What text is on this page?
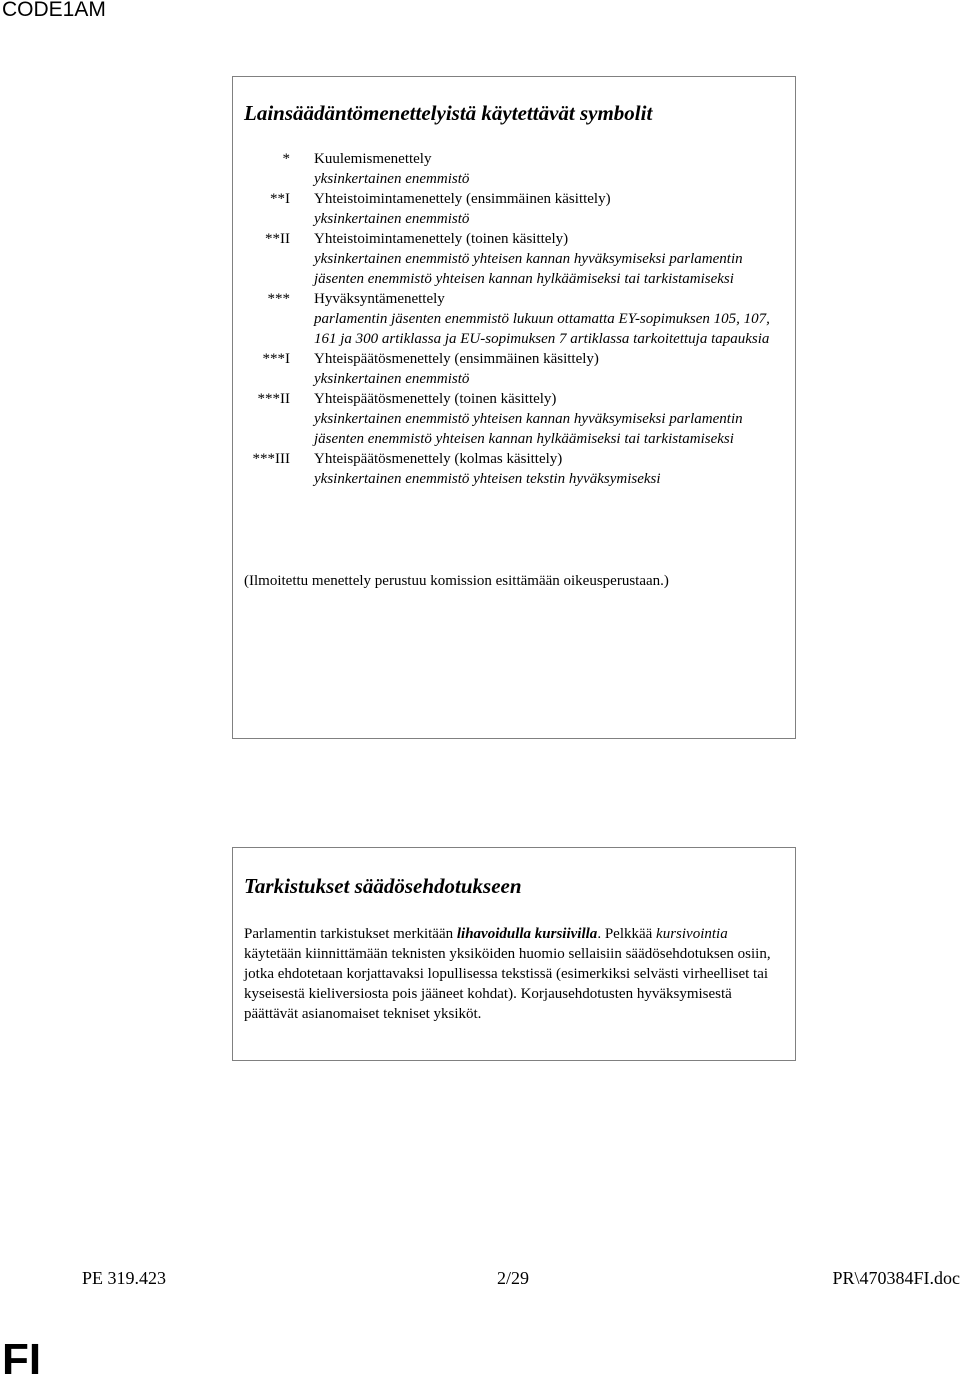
CODE1AM
Lainsäädäntömenettelyistä käytettävät symbolit
*	Kuulemismenettely
yksinkertainen enemmistö
**I	Yhteistoimintamenettely (ensimmäinen käsittely)
yksinkertainen enemmistö
**II	Yhteistoimintamenettely (toinen käsittely)
yksinkertainen enemmistö yhteisen kannan hyväksymiseksi parlamentin jäsenten enemmistö yhteisen kannan hylkäämiseksi tai tarkistamiseksi
***	Hyväksyntämenettely
parlamentin jäsenten enemmistö lukuun ottamatta EY-sopimuksen 105, 107, 161 ja 300 artiklassa ja EU-sopimuksen 7 artiklassa tarkoitettuja tapauksia
***I	Yhteispäätösmenettely (ensimmäinen käsittely)
yksinkertainen enemmistö
***II	Yhteispäätösmenettely (toinen käsittely)
yksinkertainen enemmistö yhteisen kannan hyväksymiseksi parlamentin jäsenten enemmistö yhteisen kannan hylkäämiseksi tai tarkistamiseksi
***III	Yhteispäätösmenettely (kolmas käsittely)
yksinkertainen enemmistö yhteisen tekstin hyväksymiseksi
(Ilmoitettu menettely perustuu komission esittämään oikeusperustaan.)
Tarkistukset säädösehdotukseen
Parlamentin tarkistukset merkitään lihavoidulla kursiivilla. Pelkkää kursivointia käytetään kiinnittämään teknisten yksiköiden huomio sellaisiin säädösehdotuksen osiin, jotka ehdotetaan korjattavaksi lopullisessa tekstissä (esimerkiksi selvästi virheelliset tai kyseisestä kieliversiosta pois jääneet kohdat). Korjausehdotusten hyväksymisestä päättävät asianomaiset tekniset yksiköt.
PE 319.423	2/29	PR\470384FI.doc
FI
